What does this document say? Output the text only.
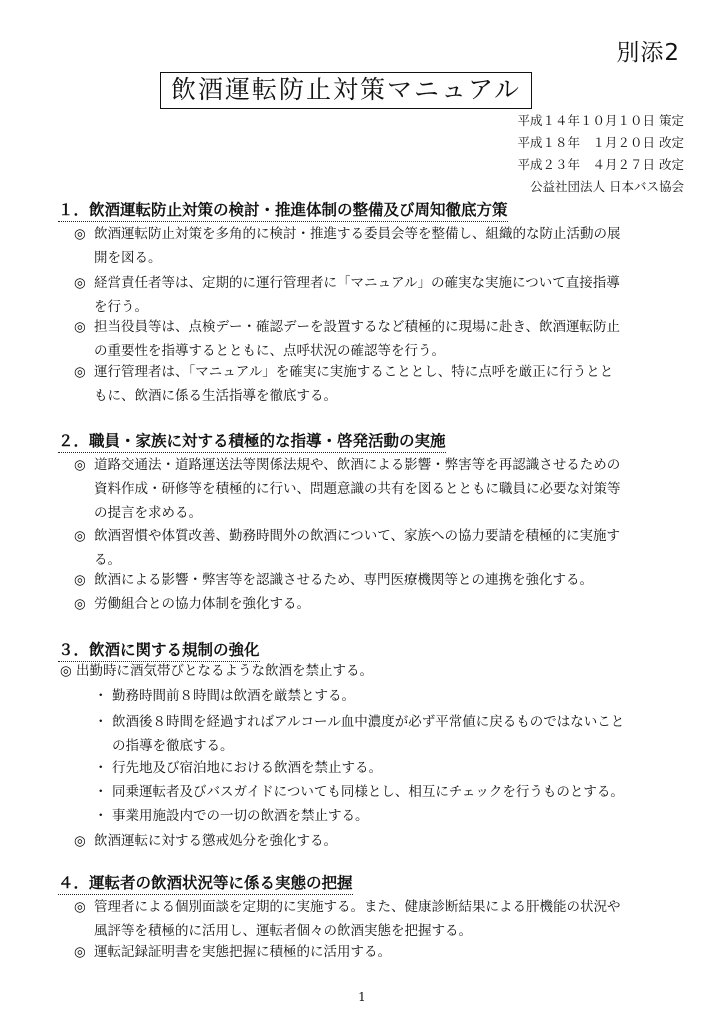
別添2
飲酒運転防止対策マニュアル
平成１４年１０月１０日 策定
平成１８年　１月２０日 改定
平成２３年　４月２７日 改定
公益社団法人 日本バス協会
１．飲酒運転防止対策の検討・推進体制の整備及び周知徹底方策
◎ 飲酒運転防止対策を多角的に検討・推進する委員会等を整備し、組織的な防止活動の展
開を図る。
◎ 経営責任者等は、定期的に運行管理者に「マニュアル」の確実な実施について直接指導
を行う。
◎ 担当役員等は、点検デー・確認デーを設置するなど積極的に現場に赴き、飲酒運転防止
の重要性を指導するとともに、点呼状況の確認等を行う。
◎ 運行管理者は、「マニュアル」を確実に実施することとし、特に点呼を厳正に行うとと
もに、飲酒に係る生活指導を徹底する。
２．職員・家族に対する積極的な指導・啓発活動の実施
◎ 道路交通法・道路運送法等関係法規や、飲酒による影響・弊害等を再認識させるための
資料作成・研修等を積極的に行い、問題意識の共有を図るとともに職員に必要な対策等
の提言を求める。
◎ 飲酒習慣や体質改善、勤務時間外の飲酒について、家族への協力要請を積極的に実施す
る。
◎ 飲酒による影響・弊害等を認識させるため、専門医療機関等との連携を強化する。
◎ 労働組合との協力体制を強化する。
３．飲酒に関する規制の強化
◎ 出勤時に酒気帯びとなるような飲酒を禁止する。
・ 勤務時間前８時間は飲酒を厳禁とする。
・ 飲酒後８時間を経過すればアルコール血中濃度が必ず平常値に戻るものではないこと
の指導を徹底する。
・ 行先地及び宿泊地における飲酒を禁止する。
・ 同乗運転者及びバスガイドについても同様とし、相互にチェックを行うものとする。
・ 事業用施設内での一切の飲酒を禁止する。
◎ 飲酒運転に対する懲戒処分を強化する。
４．運転者の飲酒状況等に係る実態の把握
◎ 管理者による個別面談を定期的に実施する。また、健康診断結果による肝機能の状況や
風評等を積極的に活用し、運転者個々の飲酒実態を把握する。
◎ 運転記録証明書を実態把握に積極的に活用する。
1
